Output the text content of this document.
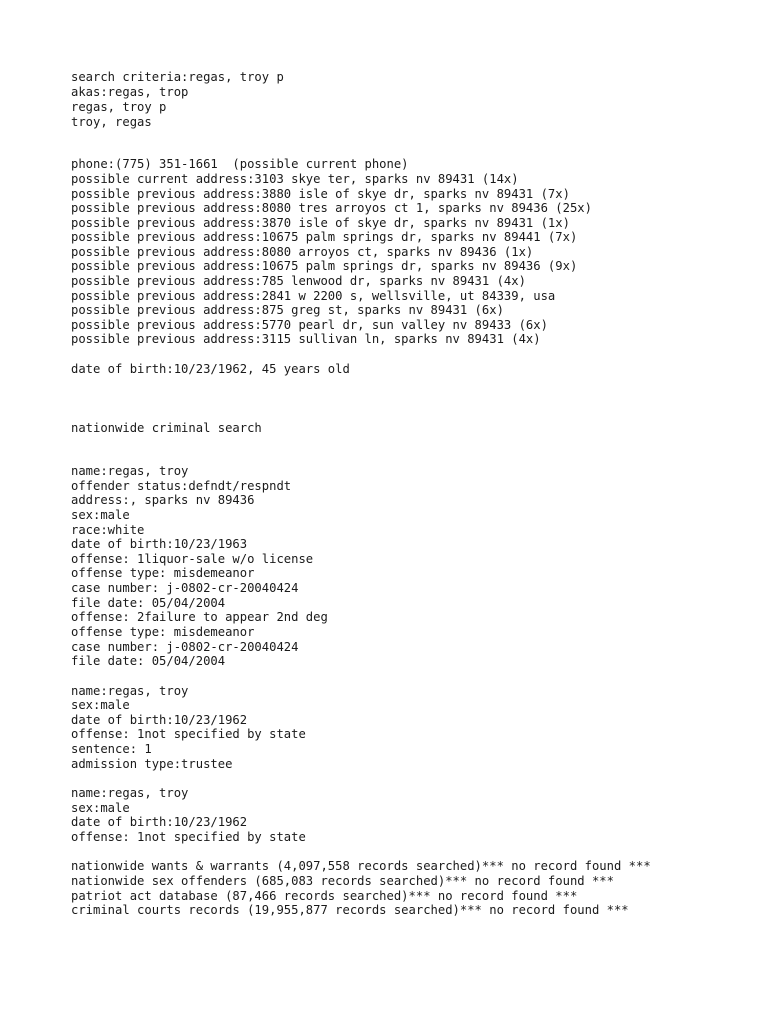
search criteria:regas, troy p

akas:regas, trop

regas, troy p

troy, regas

phone:(775) 351-1661  (possible current phone)

possible current address:3103 skye ter, sparks nv 89431 (14x)

possible previous address:3880 isle of skye dr, sparks nv 89431 (7x)

possible previous address:8080 tres arroyos ct 1, sparks nv 89436 (25x)

possible previous address:3870 isle of skye dr, sparks nv 89431 (1x)

possible previous address:10675 palm springs dr, sparks nv 89441 (7x)

possible previous address:8080 arroyos ct, sparks nv 89436 (1x)

possible previous address:10675 palm springs dr, sparks nv 89436 (9x)

possible previous address:785 lenwood dr, sparks nv 89431 (4x)

possible previous address:2841 w 2200 s, wellsville, ut 84339, usa

possible previous address:875 greg st, sparks nv 89431 (6x)

possible previous address:5770 pearl dr, sun valley nv 89433 (6x)

possible previous address:3115 sullivan ln, sparks nv 89431 (4x)

date of birth:10/23/1962, 45 years old

nationwide criminal search

name:regas, troy

offender status:defndt/respndt

address:, sparks nv 89436

sex:male

race:white

date of birth:10/23/1963

offense: 1liquor-sale w/o license

offense type: misdemeanor

case number: j-0802-cr-20040424

file date: 05/04/2004

offense: 2failure to appear 2nd deg

offense type: misdemeanor

case number: j-0802-cr-20040424

file date: 05/04/2004

name:regas, troy

sex:male

date of birth:10/23/1962

offense: 1not specified by state

sentence: 1

admission type:trustee

name:regas, troy

sex:male

date of birth:10/23/1962

offense: 1not specified by state

nationwide wants & warrants (4,097,558 records searched)*** no record found ***

nationwide sex offenders (685,083 records searched)*** no record found ***

patriot act database (87,466 records searched)*** no record found ***

criminal courts records (19,955,877 records searched)*** no record found ***
